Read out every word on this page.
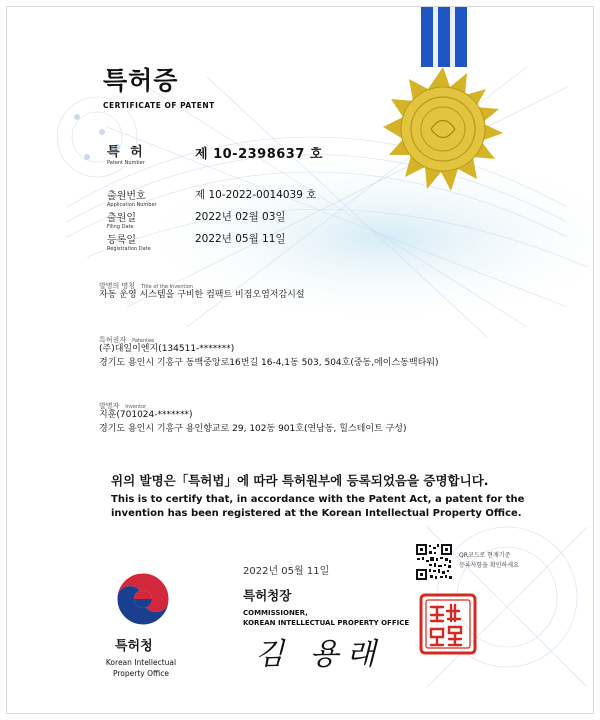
특허증
CERTIFICATE OF PATENT
특 허
Patent Number
제 10-2398637 호
출원번호
Application Number
제 10-2022-0014039 호
출원일
Filing Date
2022년 02월 03일
등록일
Registration Date
2022년 05월 11일
발명의 명칭 Title of the Invention
자동 운영 시스템을 구비한 컴팩트 비점오염저감시설
특허권자 Patentee
(주)대일이엔지(134511-*******)
경기도 용인시 기흥구 동백중앙로16번길 16-4,1동 503, 504호(중동,에이스동백타워)
발명자 Inventor
지훈(701024-*******)
경기도 용인시 기흥구 용인향교로 29, 102동 901호(연남동, 힐스테이트 구성)
위의 발명은「특허법」에 따라 특허원부에 등록되었음을 증명합니다.
This is to certify that, in accordance with the Patent Act, a patent for the
invention has been registered at the Korean Intellectual Property Office.
2022년 05월 11일
QR코드로 현재기준
등록사항을 확인하세요
특허청장
COMMISSIONER,
KOREAN INTELLECTUAL PROPERTY OFFICE
김 용래
특허청
Korean Intellectual
Property Office
